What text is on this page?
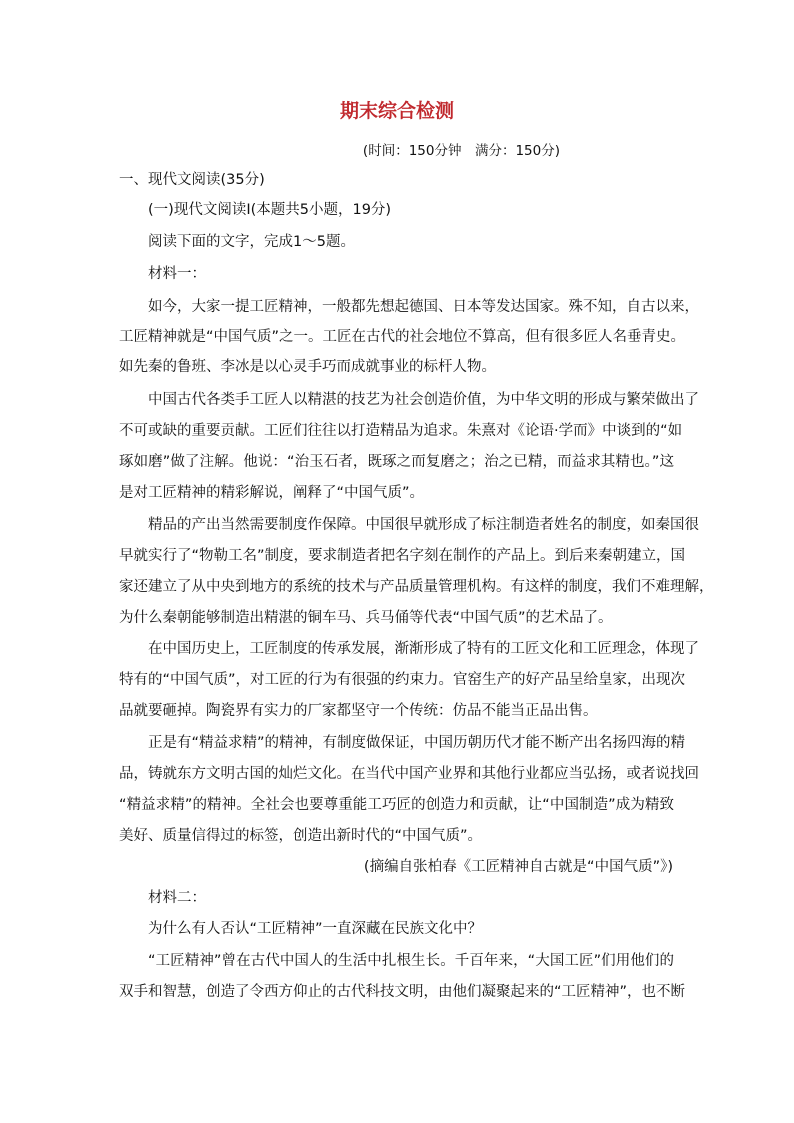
期末综合检测
(时间：150分钟　满分：150分)
一、现代文阅读(35分)
(一)现代文阅读Ⅰ(本题共5小题，19分)
阅读下面的文字，完成1～5题。
材料一：
如今，大家一提工匠精神，一般都先想起德国、日本等发达国家。殊不知，自古以来，
工匠精神就是“中国气质”之一。工匠在古代的社会地位不算高，但有很多匠人名垂青史。
如先秦的鲁班、李冰是以心灵手巧而成就事业的标杆人物。
中国古代各类手工匠人以精湛的技艺为社会创造价值，为中华文明的形成与繁荣做出了
不可或缺的重要贡献。工匠们往往以打造精品为追求。朱熹对《论语·学而》中谈到的“如
琢如磨”做了注解。他说：“治玉石者，既琢之而复磨之；治之已精，而益求其精也。”这
是对工匠精神的精彩解说，阐释了“中国气质”。
精品的产出当然需要制度作保障。中国很早就形成了标注制造者姓名的制度，如秦国很
早就实行了“物勒工名”制度，要求制造者把名字刻在制作的产品上。到后来秦朝建立，国
家还建立了从中央到地方的系统的技术与产品质量管理机构。有这样的制度，我们不难理解，
为什么秦朝能够制造出精湛的铜车马、兵马俑等代表“中国气质”的艺术品了。
在中国历史上，工匠制度的传承发展，渐渐形成了特有的工匠文化和工匠理念，体现了
特有的“中国气质”，对工匠的行为有很强的约束力。官窑生产的好产品呈给皇家，出现次
品就要砸掉。陶瓷界有实力的厂家都坚守一个传统：仿品不能当正品出售。
正是有“精益求精”的精神，有制度做保证，中国历朝历代才能不断产出名扬四海的精
品，铸就东方文明古国的灿烂文化。在当代中国产业界和其他行业都应当弘扬，或者说找回
“精益求精”的精神。全社会也要尊重能工巧匠的创造力和贡献，让“中国制造”成为精致
美好、质量信得过的标签，创造出新时代的“中国气质”。
(摘编自张柏春《工匠精神自古就是“中国气质”》)
材料二：
为什么有人否认“工匠精神”一直深藏在民族文化中？
“工匠精神”曾在古代中国人的生活中扎根生长。千百年来，“大国工匠”们用他们的
双手和智慧，创造了令西方仰止的古代科技文明，由他们凝聚起来的“工匠精神”，也不断
